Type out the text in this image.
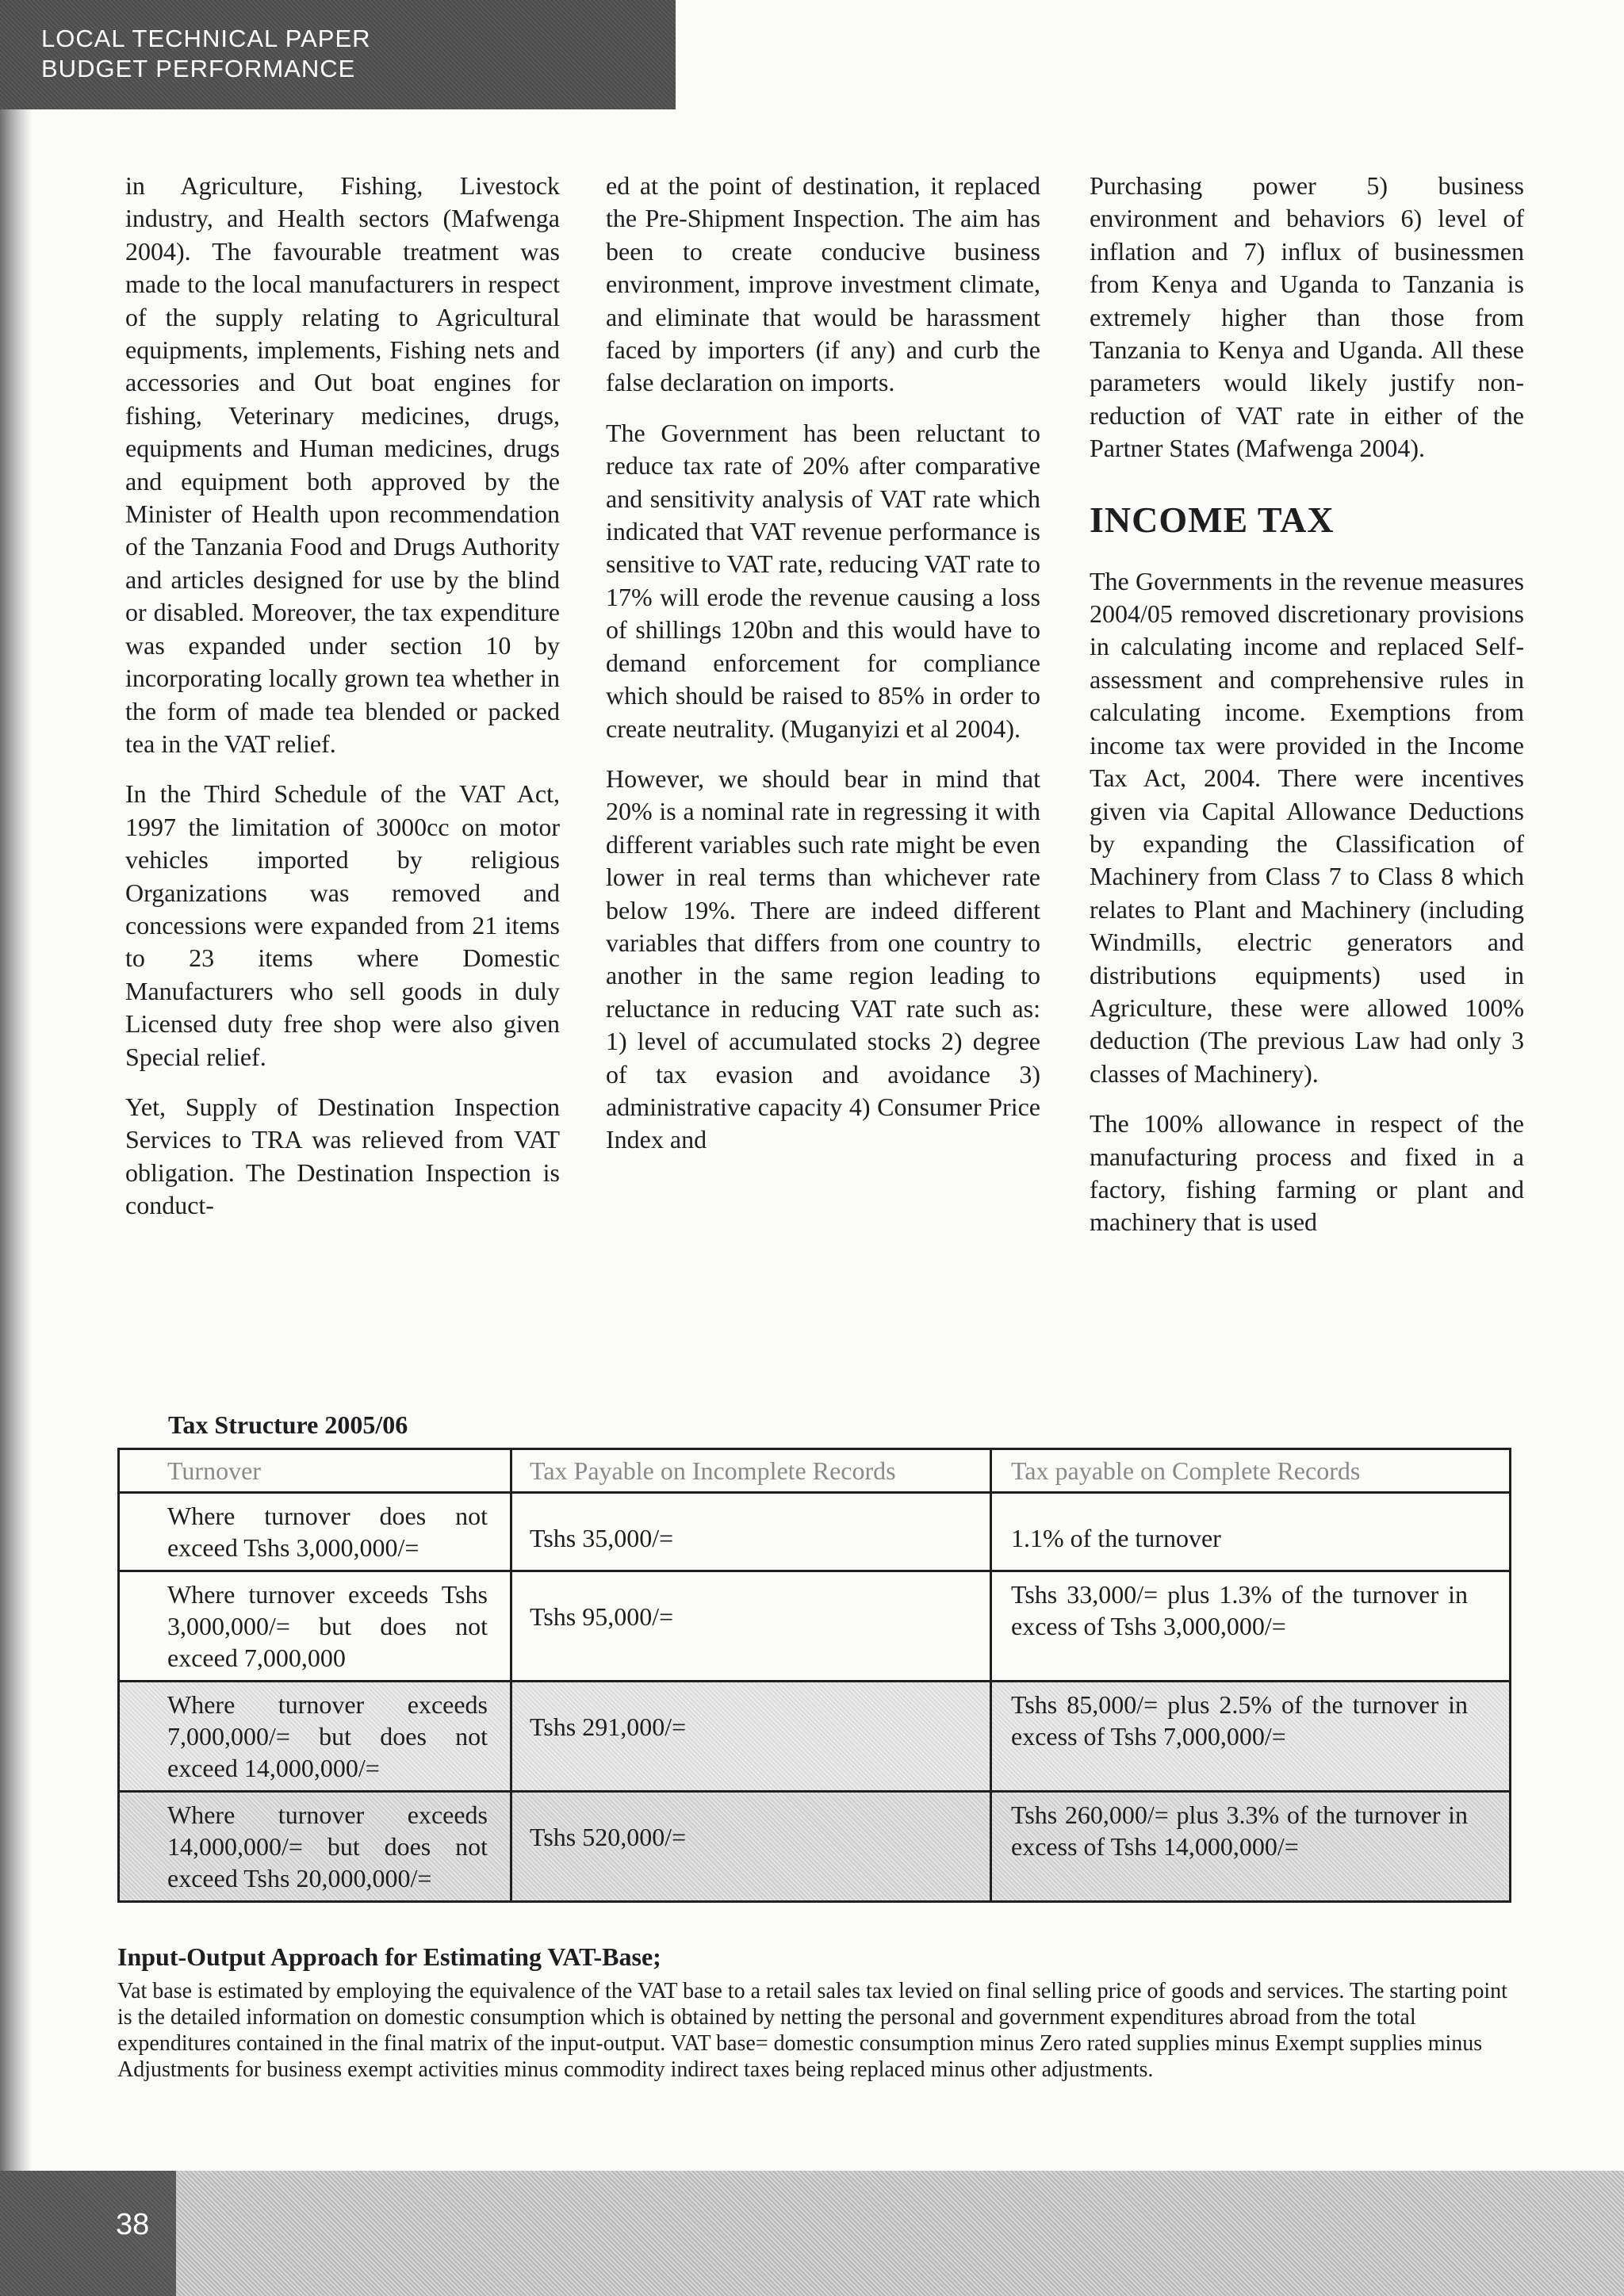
LOCAL TECHNICAL PAPER
BUDGET PERFORMANCE

in Agriculture, Fishing, Livestock industry, and Health sectors (Mafwenga 2004). The favourable treatment was made to the local manufacturers in respect of the supply relating to Agricultural equipments, implements, Fishing nets and accessories and Out boat engines for fishing, Veterinary medicines, drugs, equipments and Human medicines, drugs and equipment both approved by the Minister of Health upon recommendation of the Tanzania Food and Drugs Authority and articles designed for use by the blind or disabled. Moreover, the tax expenditure was expanded under section 10 by incorporating locally grown tea whether in the form of made tea blended or packed tea in the VAT relief.

In the Third Schedule of the VAT Act, 1997 the limitation of 3000cc on motor vehicles imported by religious Organizations was removed and concessions were expanded from 21 items to 23 items where Domestic Manufacturers who sell goods in duly Licensed duty free shop were also given Special relief.

Yet, Supply of Destination Inspection Services to TRA was relieved from VAT obligation. The Destination Inspection is conduct-

ed at the point of destination, it replaced the Pre-Shipment Inspection. The aim has been to create conducive business environment, improve investment climate, and eliminate that would be harassment faced by importers (if any) and curb the false declaration on imports.

The Government has been reluctant to reduce tax rate of 20% after comparative and sensitivity analysis of VAT rate which indicated that VAT revenue performance is sensitive to VAT rate, reducing VAT rate to 17% will erode the revenue causing a loss of shillings 120bn and this would have to demand enforcement for compliance which should be raised to 85% in order to create neutrality. (Muganyizi et al 2004).

However, we should bear in mind that 20% is a nominal rate in regressing it with different variables such rate might be even lower in real terms than whichever rate below 19%. There are indeed different variables that differs from one country to another in the same region leading to reluctance in reducing VAT rate such as: 1) level of accumulated stocks 2) degree of tax evasion and avoidance 3) administrative capacity 4) Consumer Price Index and

Purchasing power 5) business environment and behaviors 6) level of inflation and 7) influx of businessmen from Kenya and Uganda to Tanzania is extremely higher than those from Tanzania to Kenya and Uganda. All these parameters would likely justify non-reduction of VAT rate in either of the Partner States (Mafwenga 2004).

INCOME TAX

The Governments in the revenue measures 2004/05 removed discretionary provisions in calculating income and replaced Self-assessment and comprehensive rules in calculating income. Exemptions from income tax were provided in the Income Tax Act, 2004. There were incentives given via Capital Allowance Deductions by expanding the Classification of Machinery from Class 7 to Class 8 which relates to Plant and Machinery (including Windmills, electric generators and distributions equipments) used in Agriculture, these were allowed 100% deduction (The previous Law had only 3 classes of Machinery).

The 100% allowance in respect of the manufacturing process and fixed in a factory, fishing farming or plant and machinery that is used

Tax Structure 2005/06
Turnover	Tax Payable on Incomplete Records	Tax payable on Complete Records
Where turnover does not exceed Tshs 3,000,000/=	Tshs 35,000/=	1.1% of the turnover
Where turnover exceeds Tshs 3,000,000/= but does not exceed 7,000,000	Tshs 95,000/=	Tshs 33,000/= plus 1.3% of the turnover in excess of Tshs 3,000,000/=
Where turnover exceeds 7,000,000/= but does not exceed 14,000,000/=	Tshs 291,000/=	Tshs 85,000/= plus 2.5% of the turnover in excess of Tshs 7,000,000/=
Where turnover exceeds 14,000,000/= but does not exceed Tshs 20,000,000/=	Tshs 520,000/=	Tshs 260,000/= plus 3.3% of the turnover in excess of Tshs 14,000,000/=
Input-Output Approach for Estimating VAT-Base;
Vat base is estimated by employing the equivalence of the VAT base to a retail sales tax levied on final selling price of goods and services. The starting point is the detailed information on domestic consumption which is obtained by netting the personal and government expenditures abroad from the total expenditures contained in the final matrix of the input-output. VAT base= domestic consumption minus Zero rated supplies minus Exempt supplies minus Adjustments for business exempt activities minus commodity indirect taxes being replaced minus other adjustments.
38
